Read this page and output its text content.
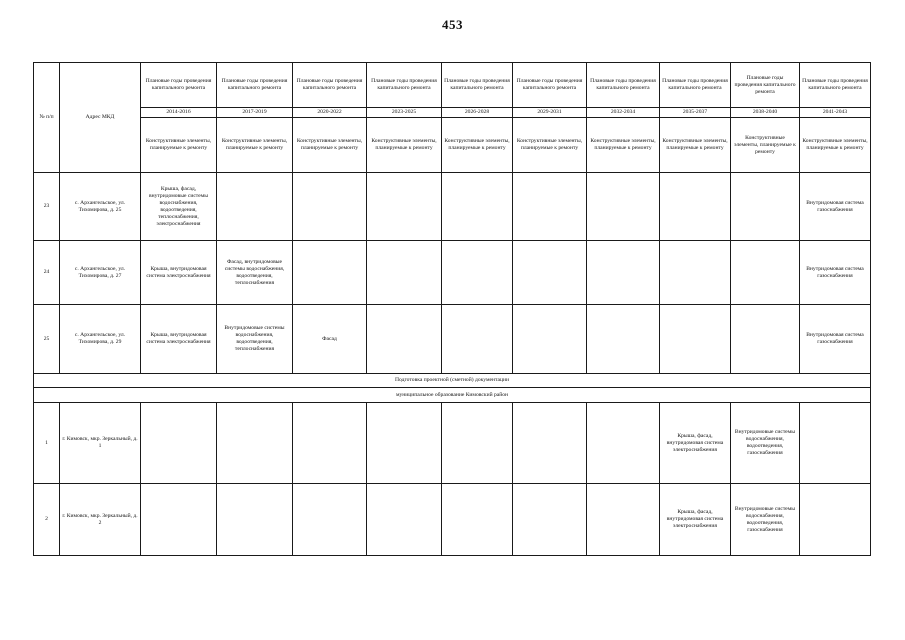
453
№ п/п	Адрес МКД	Плановые годы проведения капитального ремонта	Плановые годы проведения капитального ремонта	Плановые годы проведения капитального ремонта	Плановые годы проведения капитального ремонта	Плановые годы проведения капитального ремонта	Плановые годы проведения капитального ремонта	Плановые годы проведения капитального ремонта	Плановые годы проведения капитального ремонта	Плановые годы проведения капитального ремонта	Плановые годы проведения капитального ремонта
		2014-2016	2017-2019	2020-2022	2023-2025	2026-2028	2029-2031	2032-2034	2035-2037	2038-2040	2041-2043
		Конструктивные элементы, планируемые к ремонту	Конструктивные элементы, планируемые к ремонту	Конструктивные элементы, планируемые к ремонту	Конструктивные элементы, планируемые к ремонту	Конструктивные элементы, планируемые к ремонту	Конструктивные элементы, планируемые к ремонту	Конструктивные элементы, планируемые к ремонту	Конструктивные элементы, планируемые к ремонту	Конструктивные элементы, планируемые к ремонту	Конструктивные элементы, планируемые к ремонту
23	с. Архангельское, ул. Тихомирова, д. 25	Крыша, фасад, внутридомовые системы водоснабжения, водоотведения, теплоснабжения, электроснабжения									Внутридомовая система газоснабжения
24	с. Архангельское, ул. Тихомирова, д. 27	Крыша, внутридомовая система электроснабжения	Фасад, внутридомовые системы водоснабжения, водоотведения, теплоснабжения								Внутридомовая система газоснабжения
25	с. Архангельское, ул. Тихомирова, д. 29	Крыша, внутридомовая система электроснабжения	Внутридомовые системы водоснабжения, водоотведения, теплоснабжения	Фасад							Внутридомовая система газоснабжения
Подготовка проектной (сметной) документации											
муниципальное образование Кимовский район											
1	г. Кимовск, мкр. Зеркальный, д. 1								Крыша, фасад, внутридомовая система электроснабжения	Внутридомовые системы водоснабжения, водоотведения, газоснабжения	
2	г. Кимовск, мкр. Зеркальный, д. 2								Крыша, фасад, внутридомовая система электроснабжения	Внутридомовые системы водоснабжения, водоотведения, газоснабжения	
